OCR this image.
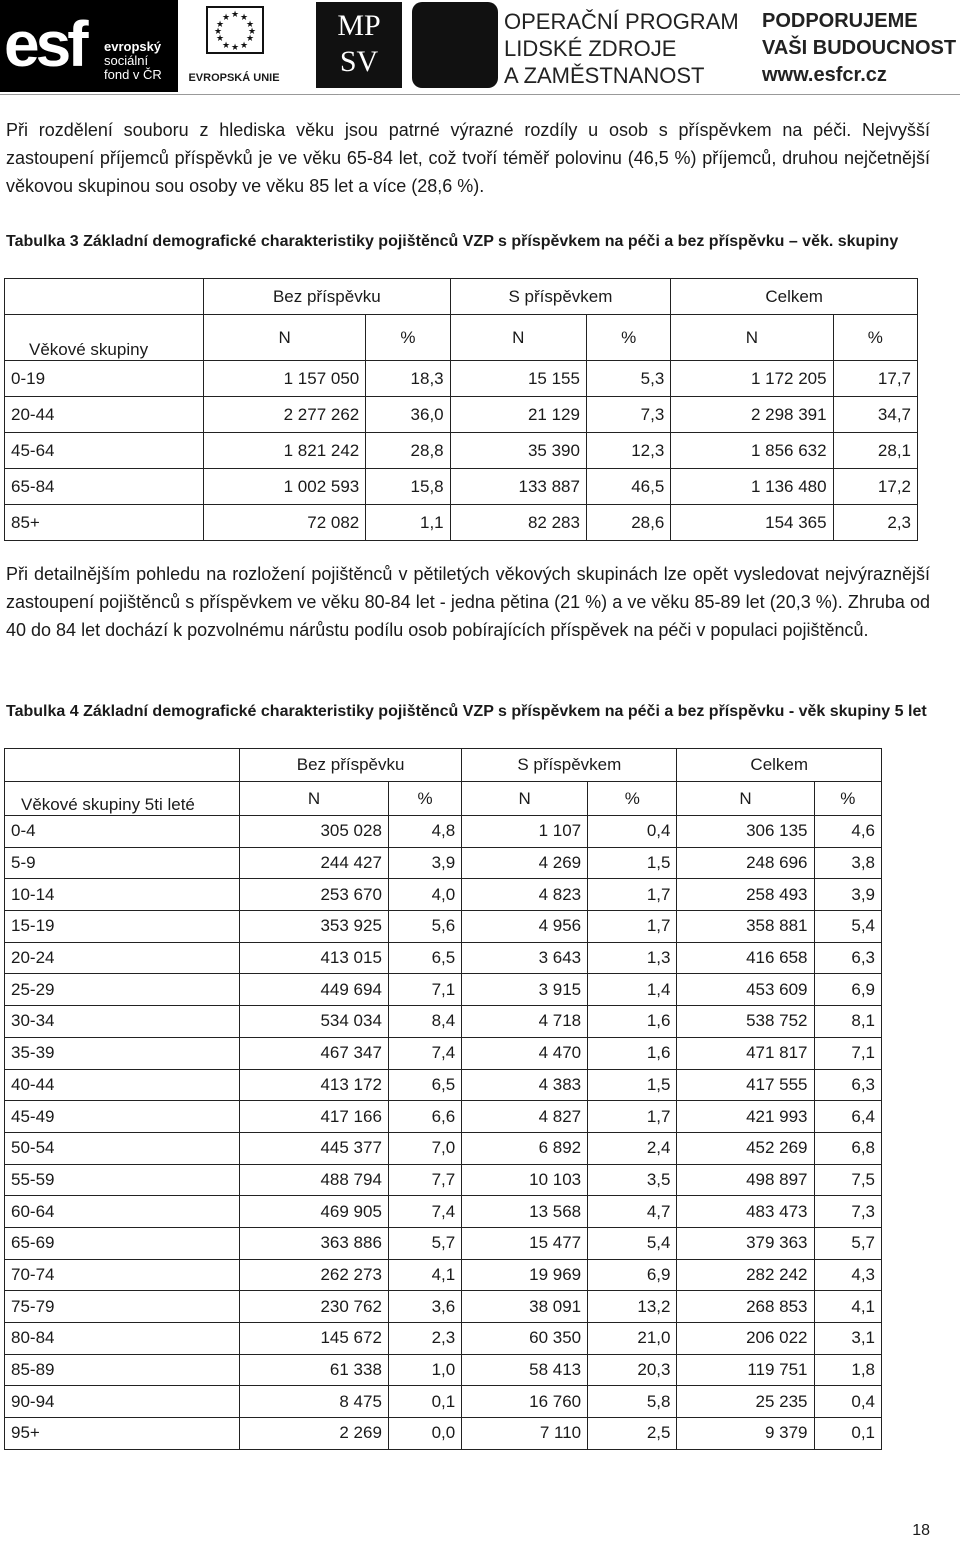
esf evropský
sociální
fond v ČR
★ ★
★
★
★
★
★
★
★
★
★
★
EVROPSKÁ UNIE
MP
SV
OPERAČNÍ PROGRAM
LIDSKÉ ZDROJE
A ZAMĚSTNANOST
PODPORUJEME
VAŠI BUDOUCNOST
www.esfcr.cz

Při rozdělení souboru z hlediska věku jsou patrné výrazné rozdíly u osob s příspěvkem na péči. Nejvyšší zastoupení příjemců příspěvků je ve věku 65-84 let, což tvoří téměř polovinu (46,5 %) příjemců, druhou nejčetnější věkovou skupinou sou osoby ve věku 85 let a více (28,6 %).

Tabulka 3 Základní demografické charakteristiky pojištěnců VZP s příspěvkem na péči a bez příspěvku – věk. skupiny

	Bez příspěvku		S příspěvkem		Celkem	
Věkové skupiny	N	%	N	%	N	%
0-19	1 157 050	18,3	15 155	5,3	1 172 205	17,7
20-44	2 277 262	36,0	21 129	7,3	2 298 391	34,7
45-64	1 821 242	28,8	35 390	12,3	1 856 632	28,1
65-84	1 002 593	15,8	133 887	46,5	1 136 480	17,2
85+	72 082	1,1	82 283	28,6	154 365	2,3

Při detailnějším pohledu na rozložení pojištěnců v pětiletých věkových skupinách lze opět vysledovat nejvýraznější zastoupení pojištěnců s příspěvkem ve věku 80-84 let - jedna pětina (21 %) a ve věku 85-89 let (20,3 %). Zhruba od 40 do 84 let dochází k pozvolnému nárůstu podílu osob pobírajících příspěvek na péči v populaci pojištěnců.

Tabulka 4 Základní demografické charakteristiky pojištěnců VZP s příspěvkem na péči a bez příspěvku - věk skupiny 5 let

	Bez příspěvku		S příspěvkem		Celkem	
Věkové skupiny 5ti leté	N	%	N	%	N	%
0-4	305 028	4,8	1 107	0,4	306 135	4,6
5-9	244 427	3,9	4 269	1,5	248 696	3,8
10-14	253 670	4,0	4 823	1,7	258 493	3,9
15-19	353 925	5,6	4 956	1,7	358 881	5,4
20-24	413 015	6,5	3 643	1,3	416 658	6,3
25-29	449 694	7,1	3 915	1,4	453 609	6,9
30-34	534 034	8,4	4 718	1,6	538 752	8,1
35-39	467 347	7,4	4 470	1,6	471 817	7,1
40-44	413 172	6,5	4 383	1,5	417 555	6,3
45-49	417 166	6,6	4 827	1,7	421 993	6,4
50-54	445 377	7,0	6 892	2,4	452 269	6,8
55-59	488 794	7,7	10 103	3,5	498 897	7,5
60-64	469 905	7,4	13 568	4,7	483 473	7,3
65-69	363 886	5,7	15 477	5,4	379 363	5,7
70-74	262 273	4,1	19 969	6,9	282 242	4,3
75-79	230 762	3,6	38 091	13,2	268 853	4,1
80-84	145 672	2,3	60 350	21,0	206 022	3,1
85-89	61 338	1,0	58 413	20,3	119 751	1,8
90-94	8 475	0,1	16 760	5,8	25 235	0,4
95+	2 269	0,0	7 110	2,5	9 379	0,1
18
